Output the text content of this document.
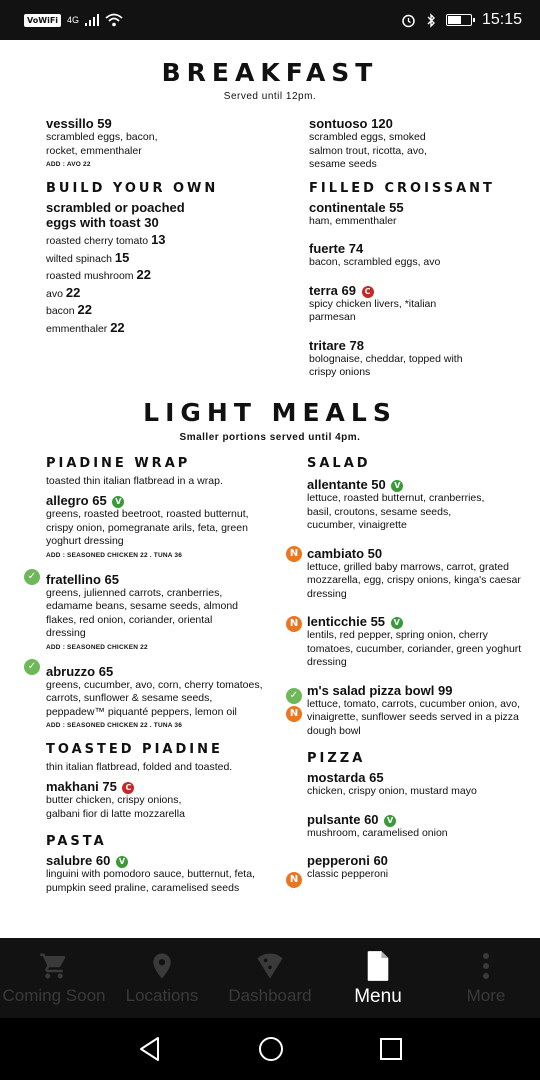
VoWiFi	4G	15:15
BREAKFAST
Served until 12pm.
vessillo 59
scrambled eggs, bacon, rocket, emmenthaler
ADD : AVO 22
BUILD YOUR OWN
scrambled or poached eggs with toast 30
roasted cherry tomato 13
wilted spinach 15
roasted mushroom 22
avo 22
bacon 22
emmenthaler 22
sontuoso 120
scrambled eggs, smoked salmon trout, ricotta, avo, sesame seeds
FILLED CROISSANT
continentale 55
ham, emmenthaler
fuerte 74
bacon, scrambled eggs, avo
terra 69 C
spicy chicken livers, *italian parmesan
tritare 78
bolognaise, cheddar, topped with crispy onions
LIGHT MEALS
Smaller portions served until 4pm.
✓
✓
PIADINE WRAP
toasted thin italian flatbread in a wrap.
allegro 65 V
greens, roasted beetroot, roasted butternut, crispy onion, pomegranate arils, feta, green yoghurt dressing
ADD : SEASONED CHICKEN 22 . TUNA 36
fratellino 65
greens, julienned carrots, cranberries, edamame beans, sesame seeds, almond flakes, red onion, coriander, oriental dressing
ADD : SEASONED CHICKEN 22
abruzzo 65
greens, cucumber, avo, corn, cherry tomatoes, carrots, sunflower & sesame seeds, peppadew™ piquanté peppers, lemon oil
ADD : SEASONED CHICKEN 22 . TUNA 36
TOASTED PIADINE
thin italian flatbread, folded and toasted.
makhani 75 C
butter chicken, crispy onions, galbani fior di latte mozzarella
PASTA
salubre 60 V
linguini with pomodoro sauce, butternut, feta, pumpkin seed praline, caramelised seeds
N
N
✓
N
N
SALAD
allentante 50 V
lettuce, roasted butternut, cranberries, basil, croutons, sesame seeds, cucumber, vinaigrette
cambiato 50
lettuce, grilled baby marrows, carrot, grated mozzarella, egg, crispy onions, kinga's caesar dressing
lenticchie 55 V
lentils, red pepper, spring onion, cherry tomatoes, cucumber, coriander, green yoghurt dressing
m's salad pizza bowl 99
lettuce, tomato, carrots, cucumber onion, avo, vinaigrette, sunflower seeds served in a pizza dough bowl
PIZZA
mostarda 65
chicken, crispy onion, mustard mayo
pulsante 60 V
mushroom, caramelised onion
pepperoni 60
classic pepperoni
Coming Soon Locations Dashboard Menu	More
